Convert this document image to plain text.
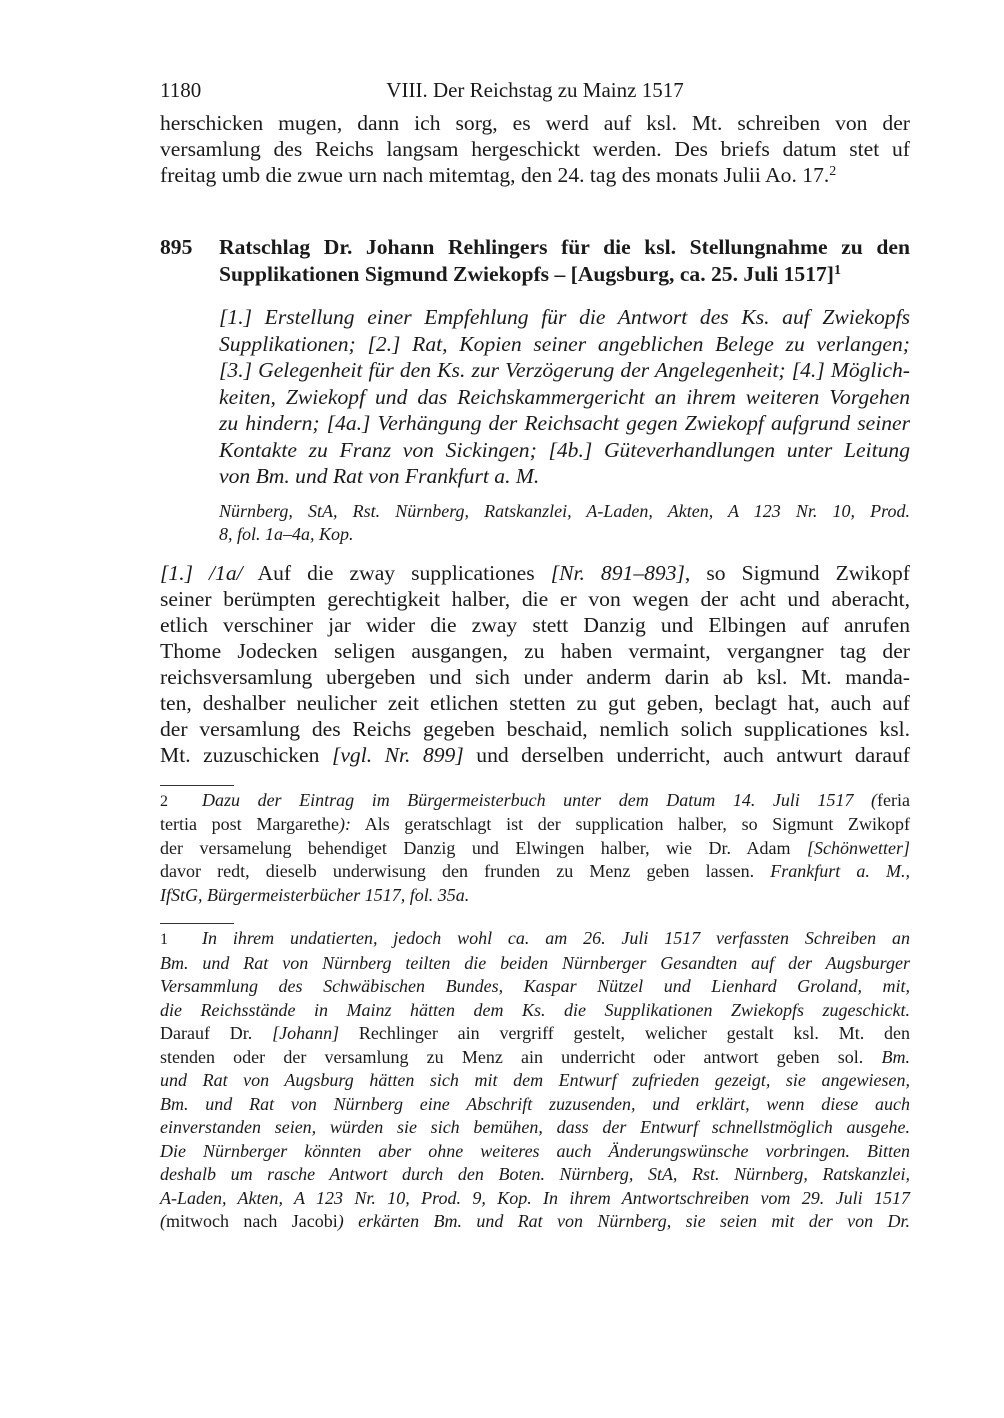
1180	VIII. Der Reichstag zu Mainz 1517

herschicken mugen, dann ich sorg, es werd auf ksl. Mt. schreiben von der
versamlung des Reichs langsam hergeschickt werden. Des briefs datum stet uf
freitag umb die zwue urn nach mitemtag, den 24. tag des monats Julii Ao. 17.$^2$

895 Ratschlag Dr. Johann Rehlingers für die ksl. Stellungnahme zu den
Supplikationen Sigmund Zwiekopfs – [Augsburg, ca. 25. Juli 1517]$^1$
[1.] Erstellung einer Empfehlung für die Antwort des Ks. auf Zwiekopfs
Supplikationen; [2.] Rat, Kopien seiner angeblichen Belege zu verlangen;
[3.] Gelegenheit für den Ks. zur Verzögerung der Angelegenheit; [4.] Möglich-
keiten, Zwiekopf und das Reichskammergericht an ihrem weiteren Vorgehen
zu hindern; [4a.] Verhängung der Reichsacht gegen Zwiekopf aufgrund seiner
Kontakte zu Franz von Sickingen; [4b.] Güteverhandlungen unter Leitung
von Bm. und Rat von Frankfurt a. M.
Nürnberg, StA, Rst. Nürnberg, Ratskanzlei, A-Laden, Akten, A 123 Nr. 10, Prod.
8, fol. 1a–4a, Kop.

[1.] /1a/ Auf die zway supplicationes [Nr. 891–893], so Sigmund Zwikopf
seiner berümpten gerechtigkeit halber, die er von wegen der acht und aberacht,
etlich verschiner jar wider die zway stett Danzig und Elbingen auf anrufen
Thome Jodecken seligen ausgangen, zu haben vermaint, vergangner tag der
reichsversamlung ubergeben und sich under anderm darin ab ksl. Mt. manda-
ten, deshalber neulicher zeit etlichen stetten zu gut geben, beclagt hat, auch auf
der versamlung des Reichs gegeben beschaid, nemlich solich supplicationes ksl.
Mt. zuzuschicken [vgl. Nr. 899] und derselben underricht, auch antwurt darauf

2 Dazu der Eintrag im Bürgermeisterbuch unter dem Datum 14. Juli 1517 (feria
tertia post Margarethe): Als geratschlagt ist der supplication halber, so Sigmunt Zwikopf
der versamelung behendiget Danzig und Elwingen halber, wie Dr. Adam [Schönwetter]
davor redt, dieselb underwisung den frunden zu Menz geben lassen. Frankfurt a. M.,
IfStG, Bürgermeisterbücher 1517, fol. 35a.
1 In ihrem undatierten, jedoch wohl ca. am 26. Juli 1517 verfassten Schreiben an
Bm. und Rat von Nürnberg teilten die beiden Nürnberger Gesandten auf der Augsburger
Versammlung des Schwäbischen Bundes, Kaspar Nützel und Lienhard Groland, mit,
die Reichsstände in Mainz hätten dem Ks. die Supplikationen Zwiekopfs zugeschickt.
Darauf Dr. [Johann] Rechlinger ain vergriff gestelt, welicher gestalt ksl. Mt. den
stenden oder der versamlung zu Menz ain underricht oder antwort geben sol. Bm.
und Rat von Augsburg hätten sich mit dem Entwurf zufrieden gezeigt, sie angewiesen,
Bm. und Rat von Nürnberg eine Abschrift zuzusenden, und erklärt, wenn diese auch
einverstanden seien, würden sie sich bemühen, dass der Entwurf schnellstmöglich ausgehe.
Die Nürnberger könnten aber ohne weiteres auch Änderungswünsche vorbringen. Bitten
deshalb um rasche Antwort durch den Boten. Nürnberg, StA, Rst. Nürnberg, Ratskanzlei,
A-Laden, Akten, A 123 Nr. 10, Prod. 9, Kop. In ihrem Antwortschreiben vom 29. Juli 1517
(mitwoch nach Jacobi) erkärten Bm. und Rat von Nürnberg, sie seien mit der von Dr.
